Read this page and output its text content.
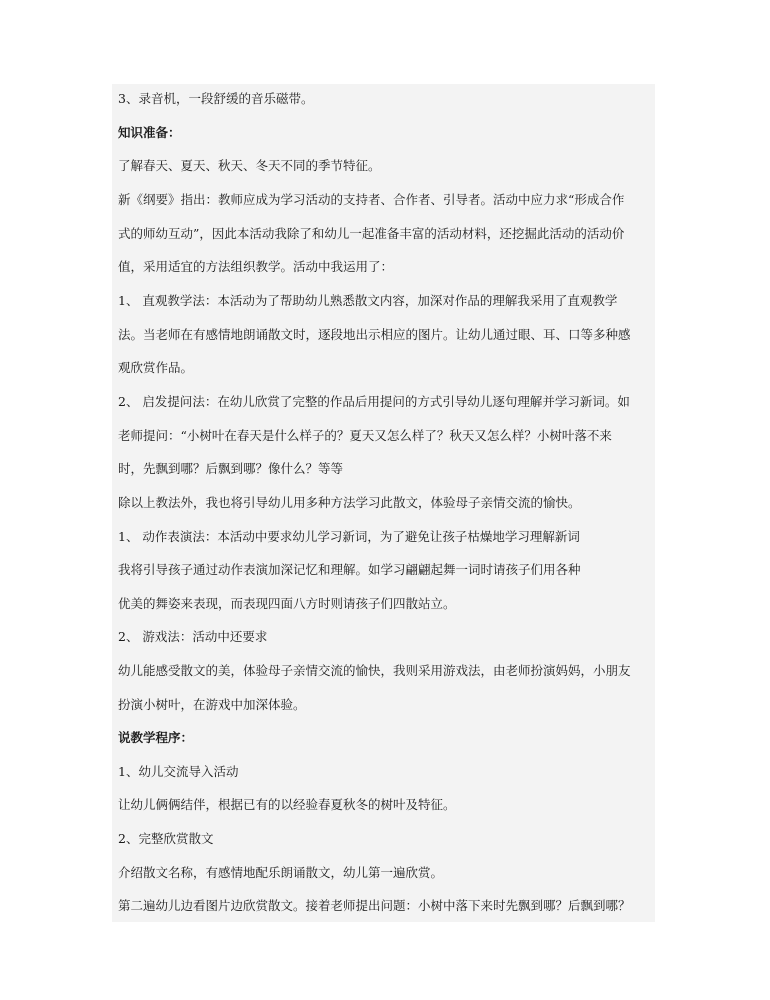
3、录音机，一段舒缓的音乐磁带。

知识准备：

了解春天、夏天、秋天、冬天不同的季节特征。

新《纲要》指出：教师应成为学习活动的支持者、合作者、引导者。活动中应力求“形成合作

式的师幼互动”，因此本活动我除了和幼儿一起准备丰富的活动材料，还挖掘此活动的活动价

值，采用适宜的方法组织教学。活动中我运用了：

1、 直观教学法：本活动为了帮助幼儿熟悉散文内容，加深对作品的理解我采用了直观教学

法。当老师在有感情地朗诵散文时，逐段地出示相应的图片。让幼儿通过眼、耳、口等多种感

观欣赏作品。

2、 启发提问法：在幼儿欣赏了完整的作品后用提问的方式引导幼儿逐句理解并学习新词。如

老师提问：“小树叶在春天是什么样子的？夏天又怎么样了？秋天又怎么样？小树叶落不来

时，先飘到哪？后飘到哪？像什么？等等

除以上教法外，我也将引导幼儿用多种方法学习此散文，体验母子亲情交流的愉快。

1、 动作表演法：本活动中要求幼儿学习新词，为了避免让孩子枯燥地学习理解新词

我将引导孩子通过动作表演加深记忆和理解。如学习翩翩起舞一词时请孩子们用各种

优美的舞姿来表现，而表现四面八方时则请孩子们四散站立。

2、 游戏法：活动中还要求

幼儿能感受散文的美，体验母子亲情交流的愉快，我则采用游戏法，由老师扮演妈妈，小朋友

扮演小树叶，在游戏中加深体验。

说教学程序：

1、幼儿交流导入活动

让幼儿俩俩结伴，根据已有的以经验春夏秋冬的树叶及特征。

2、完整欣赏散文

介绍散文名称，有感情地配乐朗诵散文，幼儿第一遍欣赏。

第二遍幼儿边看图片边欣赏散文。接着老师提出问题：小树中落下来时先飘到哪？后飘到哪？
